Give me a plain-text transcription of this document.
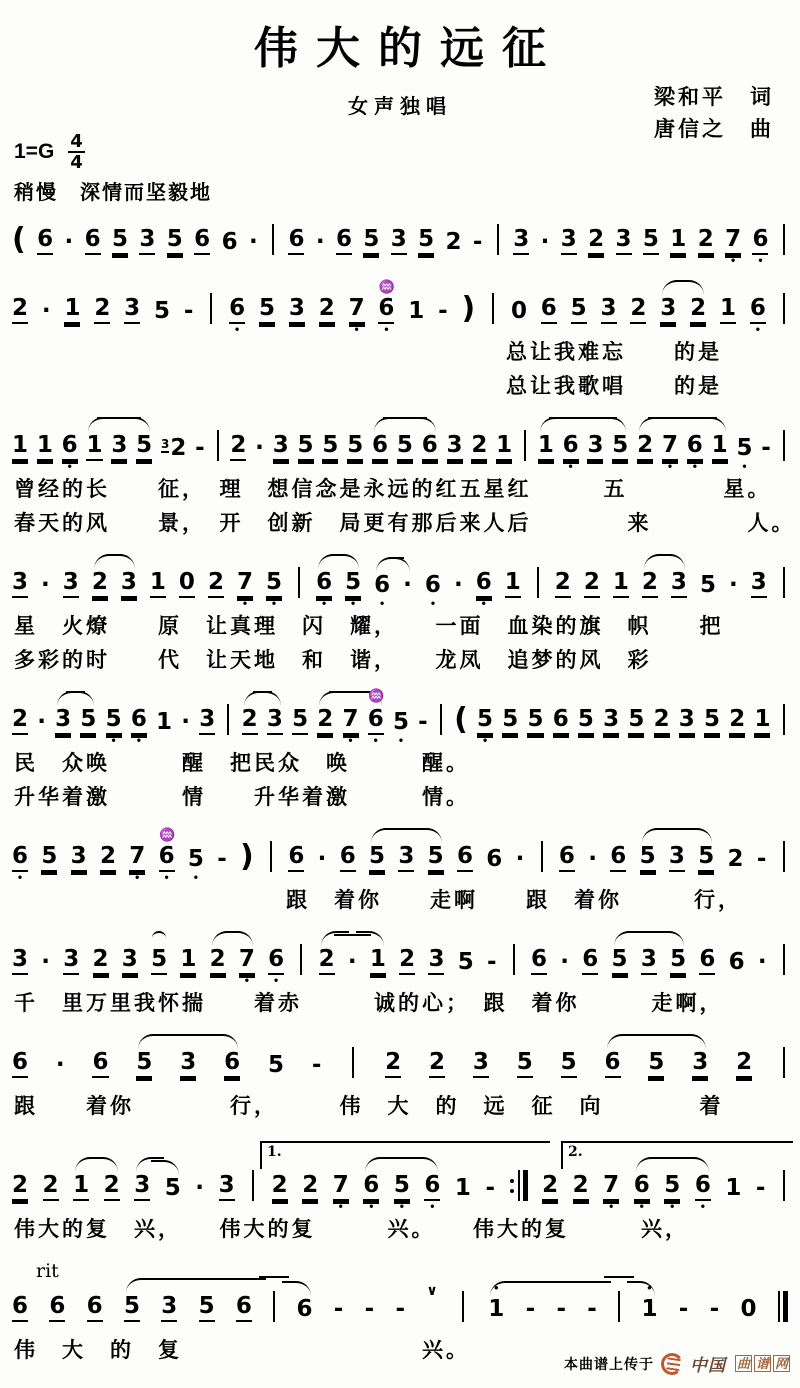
伟大的远征
女声独唱	梁和平　词
唐信之　曲
$1=G \frac{4}{4}$
稍慢　深情而坚毅地
( 6 · 6 5 3 5 6 6 · 6 · 6 5 3 5 2 - 3 · 3 2 3 5 1 2 7
•
6
•
2 · 1 2 3 5 - 6
•
5 3 2 7
•
♒
6
•
1 - ) 0 6 5 3 2 3 2 1 6
•
总让我难忘　　的是
总让我歌唱　　的是
1 1 6
•
1 3 5 3 2 - 2 · 3 5 5 5 6 5 6 3 2 1 1 6
•
3 5 2 7
•
6
•
1 5
•
-
曾经的长　　征，　理　想信念是永远的红五星红　　　五　　　　星。
春天的风　　景，　开　创新　局更有那后来人后　　　　来　　　　人。
3 · 3 2 3 1 0 2 7
•
5
•
6
•
5
•
6
•
· 6
•
· 6
•
1 2 2 1 2 3 5 · 3
星　火燎　　原　让真理　闪　耀，　　一面　血染的旗　帜　　把
多彩的时　　代　让天地　和　谐，　　龙凤　追梦的风　彩
2 · 3 5 5
•
6
•
1 · 3 2 3 5 2 7
•
♒
6
•
5
•
- ( 5
•
5 5 6 5 3 5 2 3 5 2 1
民　众唤　　　醒　把民众　唤　　　醒。
升华着激　　　情　　升华着激　　　情。
6
•
5 3 2 7
•
♒
6
•
5
•
- ) 6 · 6 5 3 5 6 6 · 6 · 6 5 3 5 2 -
跟　着你　　走啊　　跟　着你　　　行，
3 · 3 2 3 5 1 2 7
•
6
•
2 · 1 2 3 5 - 6 · 6 5 3 5 6 6 ·
千　里万里我怀揣　　着赤　　　诚的心；　跟　着你　　　走啊，
6 · 6 5 3 6 5 -	2 2 3 5 5 6 5 3 2
跟　　着你　　　　行，　　　伟　大　的　远　征　向　　　　着
1.	2.
2 2 1 2 3 5 · 3 2 2 7
•
6
•
5
•
6
•
1 - 2 2 7
•
6
•
5
•
6
•
1 -
伟大的复　兴，　　伟大的复　　　兴。　　伟大的复　　　兴，
rit
6 6 6 5 3 5 6 6 - - -
∨	•
1 - - -
•
1 - - 0
伟　大　的　复　　　　　　　　　　兴。
本曲谱上传于 中国 曲 谱 网
